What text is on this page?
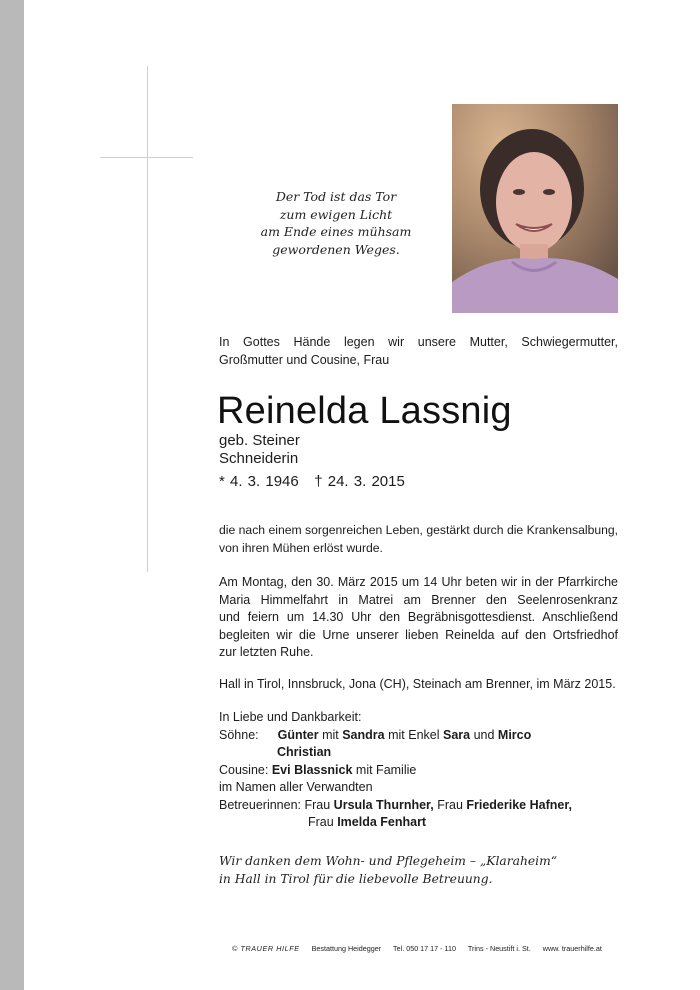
Der Tod ist das Tor
zum ewigen Licht
am Ende eines mühsam
gewordenen Weges.
In Gottes Hände legen wir unsere Mutter, Schwiegermutter,
Großmutter und Cousine, Frau
Reinelda Lassnig
geb. Steiner
Schneiderin
* 4. 3. 1946   † 24. 3. 2015
die nach einem sorgenreichen Leben, gestärkt durch die Krankensalbung,
von ihren Mühen erlöst wurde.
Am Montag, den 30. März 2015 um 14 Uhr beten wir in der Pfarrkirche
Maria Himmelfahrt in Matrei am Brenner den Seelenrosenkranz
und feiern um 14.30 Uhr den Begräbnisgottesdienst. Anschließend
begleiten wir die Urne unserer lieben Reinelda auf den Ortsfriedhof
zur letzten Ruhe.
Hall in Tirol, Innsbruck, Jona (CH), Steinach am Brenner, im März 2015.
In Liebe und Dankbarkeit:
Söhne: Günter mit Sandra mit Enkel Sara und Mirco
Christian
Cousine: Evi Blassnick mit Familie
im Namen aller Verwandten
Betreuerinnen: Frau Ursula Thurnher, Frau Friederike Hafner,
Frau Imelda Fenhart
Wir danken dem Wohn- und Pflegeheim – „Klaraheim“
in Hall in Tirol für die liebevolle Betreuung.
© TRAUER HILFE Bestattung Heidegger Tel. 050 17 17 - 110 Trins - Neustift i. St. www. trauerhilfe.at
